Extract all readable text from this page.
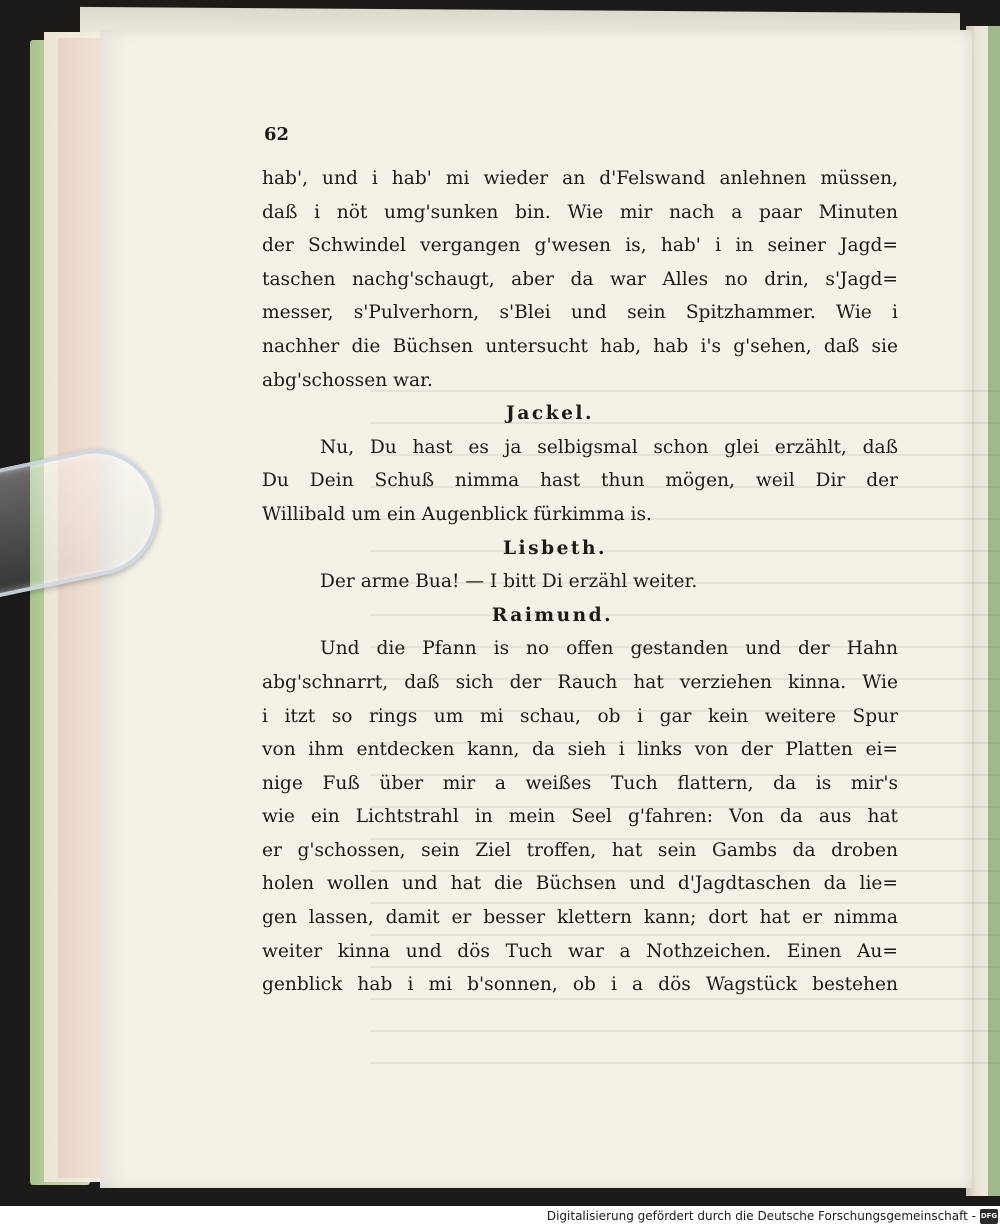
62
hab', und i hab' mi wieder an d'Felswand anlehnen müssen,
daß i nöt umg'sunken bin. Wie mir nach a paar Minuten
der Schwindel vergangen g'wesen is, hab' i in seiner Jagd=
taschen nachg'schaugt, aber da war Alles no drin, s'Jagd=
messer, s'Pulverhorn, s'Blei und sein Spitzhammer. Wie i
nachher die Büchsen untersucht hab, hab i's g'sehen, daß sie
abg'schossen war.
Jackel.
Nu, Du hast es ja selbigsmal schon glei erzählt, daß
Du Dein Schuß nimma hast thun mögen, weil Dir der
Willibald um ein Augenblick fürkimma is.
Lisbeth.
Der arme Bua! — I bitt Di erzähl weiter.
Raimund.
Und die Pfann is no offen gestanden und der Hahn
abg'schnarrt, daß sich der Rauch hat verziehen kinna. Wie
i itzt so rings um mi schau, ob i gar kein weitere Spur
von ihm entdecken kann, da sieh i links von der Platten ei=
nige Fuß über mir a weißes Tuch flattern, da is mir's
wie ein Lichtstrahl in mein Seel g'fahren: Von da aus hat
er g'schossen, sein Ziel troffen, hat sein Gambs da droben
holen wollen und hat die Büchsen und d'Jagdtaschen da lie=
gen lassen, damit er besser klettern kann; dort hat er nimma
weiter kinna und dös Tuch war a Nothzeichen. Einen Au=
genblick hab i mi b'sonnen, ob i a dös Wagstück bestehen
Digitalisierung gefördert durch die Deutsche Forschungsgemeinschaft - DFG
